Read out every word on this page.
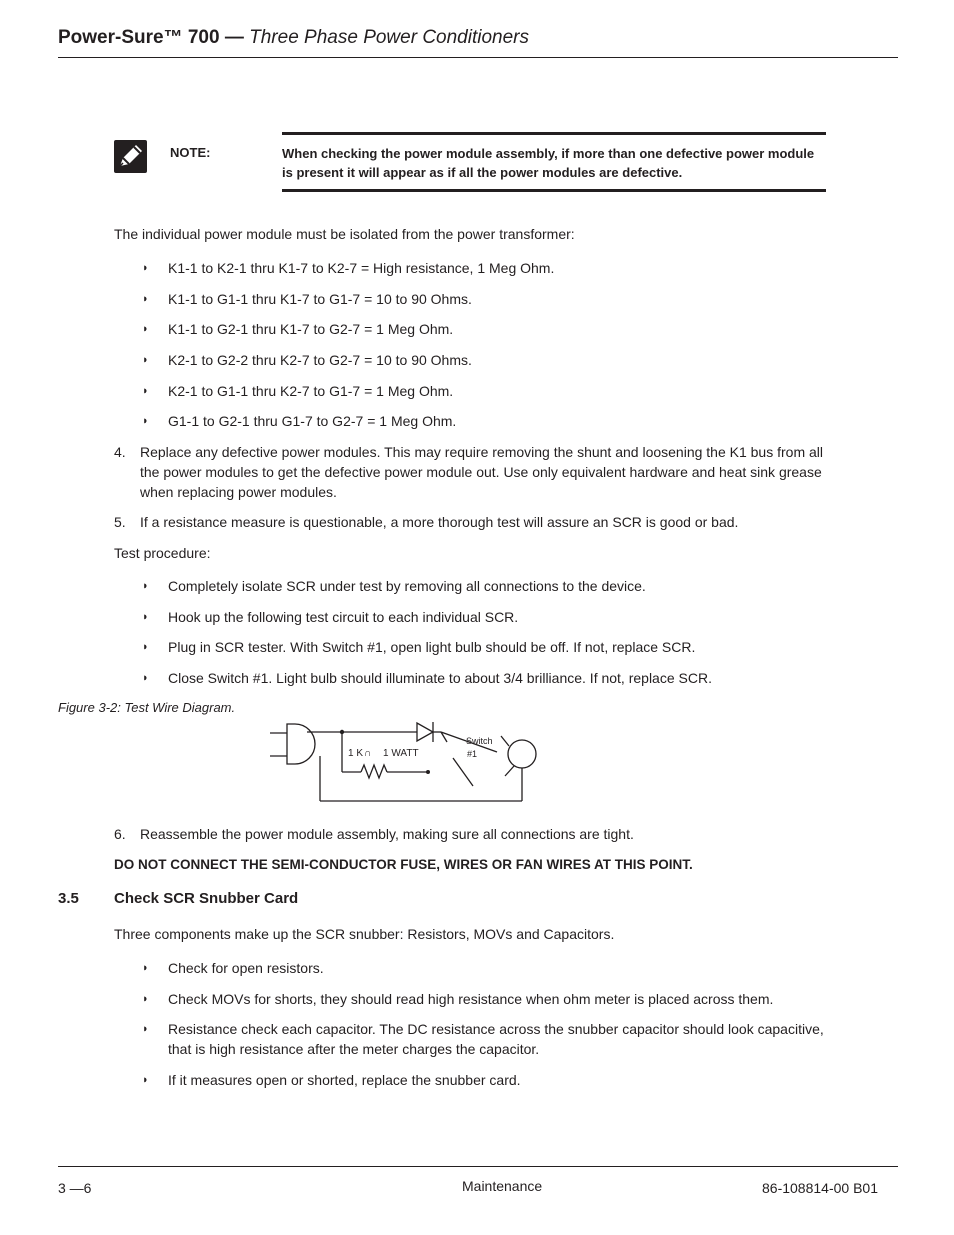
Power-Sure™ 700 — Three Phase Power Conditioners
NOTE:	When checking the power module assembly, if more than one defective power module is present it will appear as if all the power modules are defective.
The individual power module must be isolated from the power transformer:
◗ K1-1 to K2-1 thru K1-7 to K2-7 = High resistance, 1 Meg Ohm.
◗ K1-1 to G1-1 thru K1-7 to G1-7 = 10 to 90 Ohms.
◗ K1-1 to G2-1 thru K1-7 to G2-7 = 1 Meg Ohm.
◗ K2-1 to G2-2 thru K2-7 to G2-7 = 10 to 90 Ohms.
◗ K2-1 to G1-1 thru K2-7 to G1-7 = 1 Meg Ohm.
◗ G1-1 to G2-1 thru G1-7 to G2-7 = 1 Meg Ohm.
4. Replace any defective power modules. This may require removing the shunt and loosening the K1 bus from all the power modules to get the defective power module out. Use only equivalent hardware and heat sink grease when replacing power modules.
5. If a resistance measure is questionable, a more thorough test will assure an SCR is good or bad.
Test procedure:
◗ Completely isolate SCR under test by removing all connections to the device.
◗ Hook up the following test circuit to each individual SCR.
◗ Plug in SCR tester. With Switch #1, open light bulb should be off. If not, replace SCR.
◗ Close Switch #1. Light bulb should illuminate to about 3/4 brilliance. If not, replace SCR.
Figure 3-2: Test Wire Diagram.
1 K ∩ 1 WATT
Switch
#1
6. Reassemble the power module assembly, making sure all connections are tight.
DO NOT CONNECT THE SEMI-CONDUCTOR FUSE, WIRES OR FAN WIRES AT THIS POINT.
3.5 Check SCR Snubber Card
Three components make up the SCR snubber: Resistors, MOVs and Capacitors.
◗ Check for open resistors.
◗ Check MOVs for shorts, they should read high resistance when ohm meter is placed across them.
◗ Resistance check each capacitor. The DC resistance across the snubber capacitor should look capacitive, that is high resistance after the meter charges the capacitor.
◗ If it measures open or shorted, replace the snubber card.
3 —6	Maintenance	86-108814-00 B01
